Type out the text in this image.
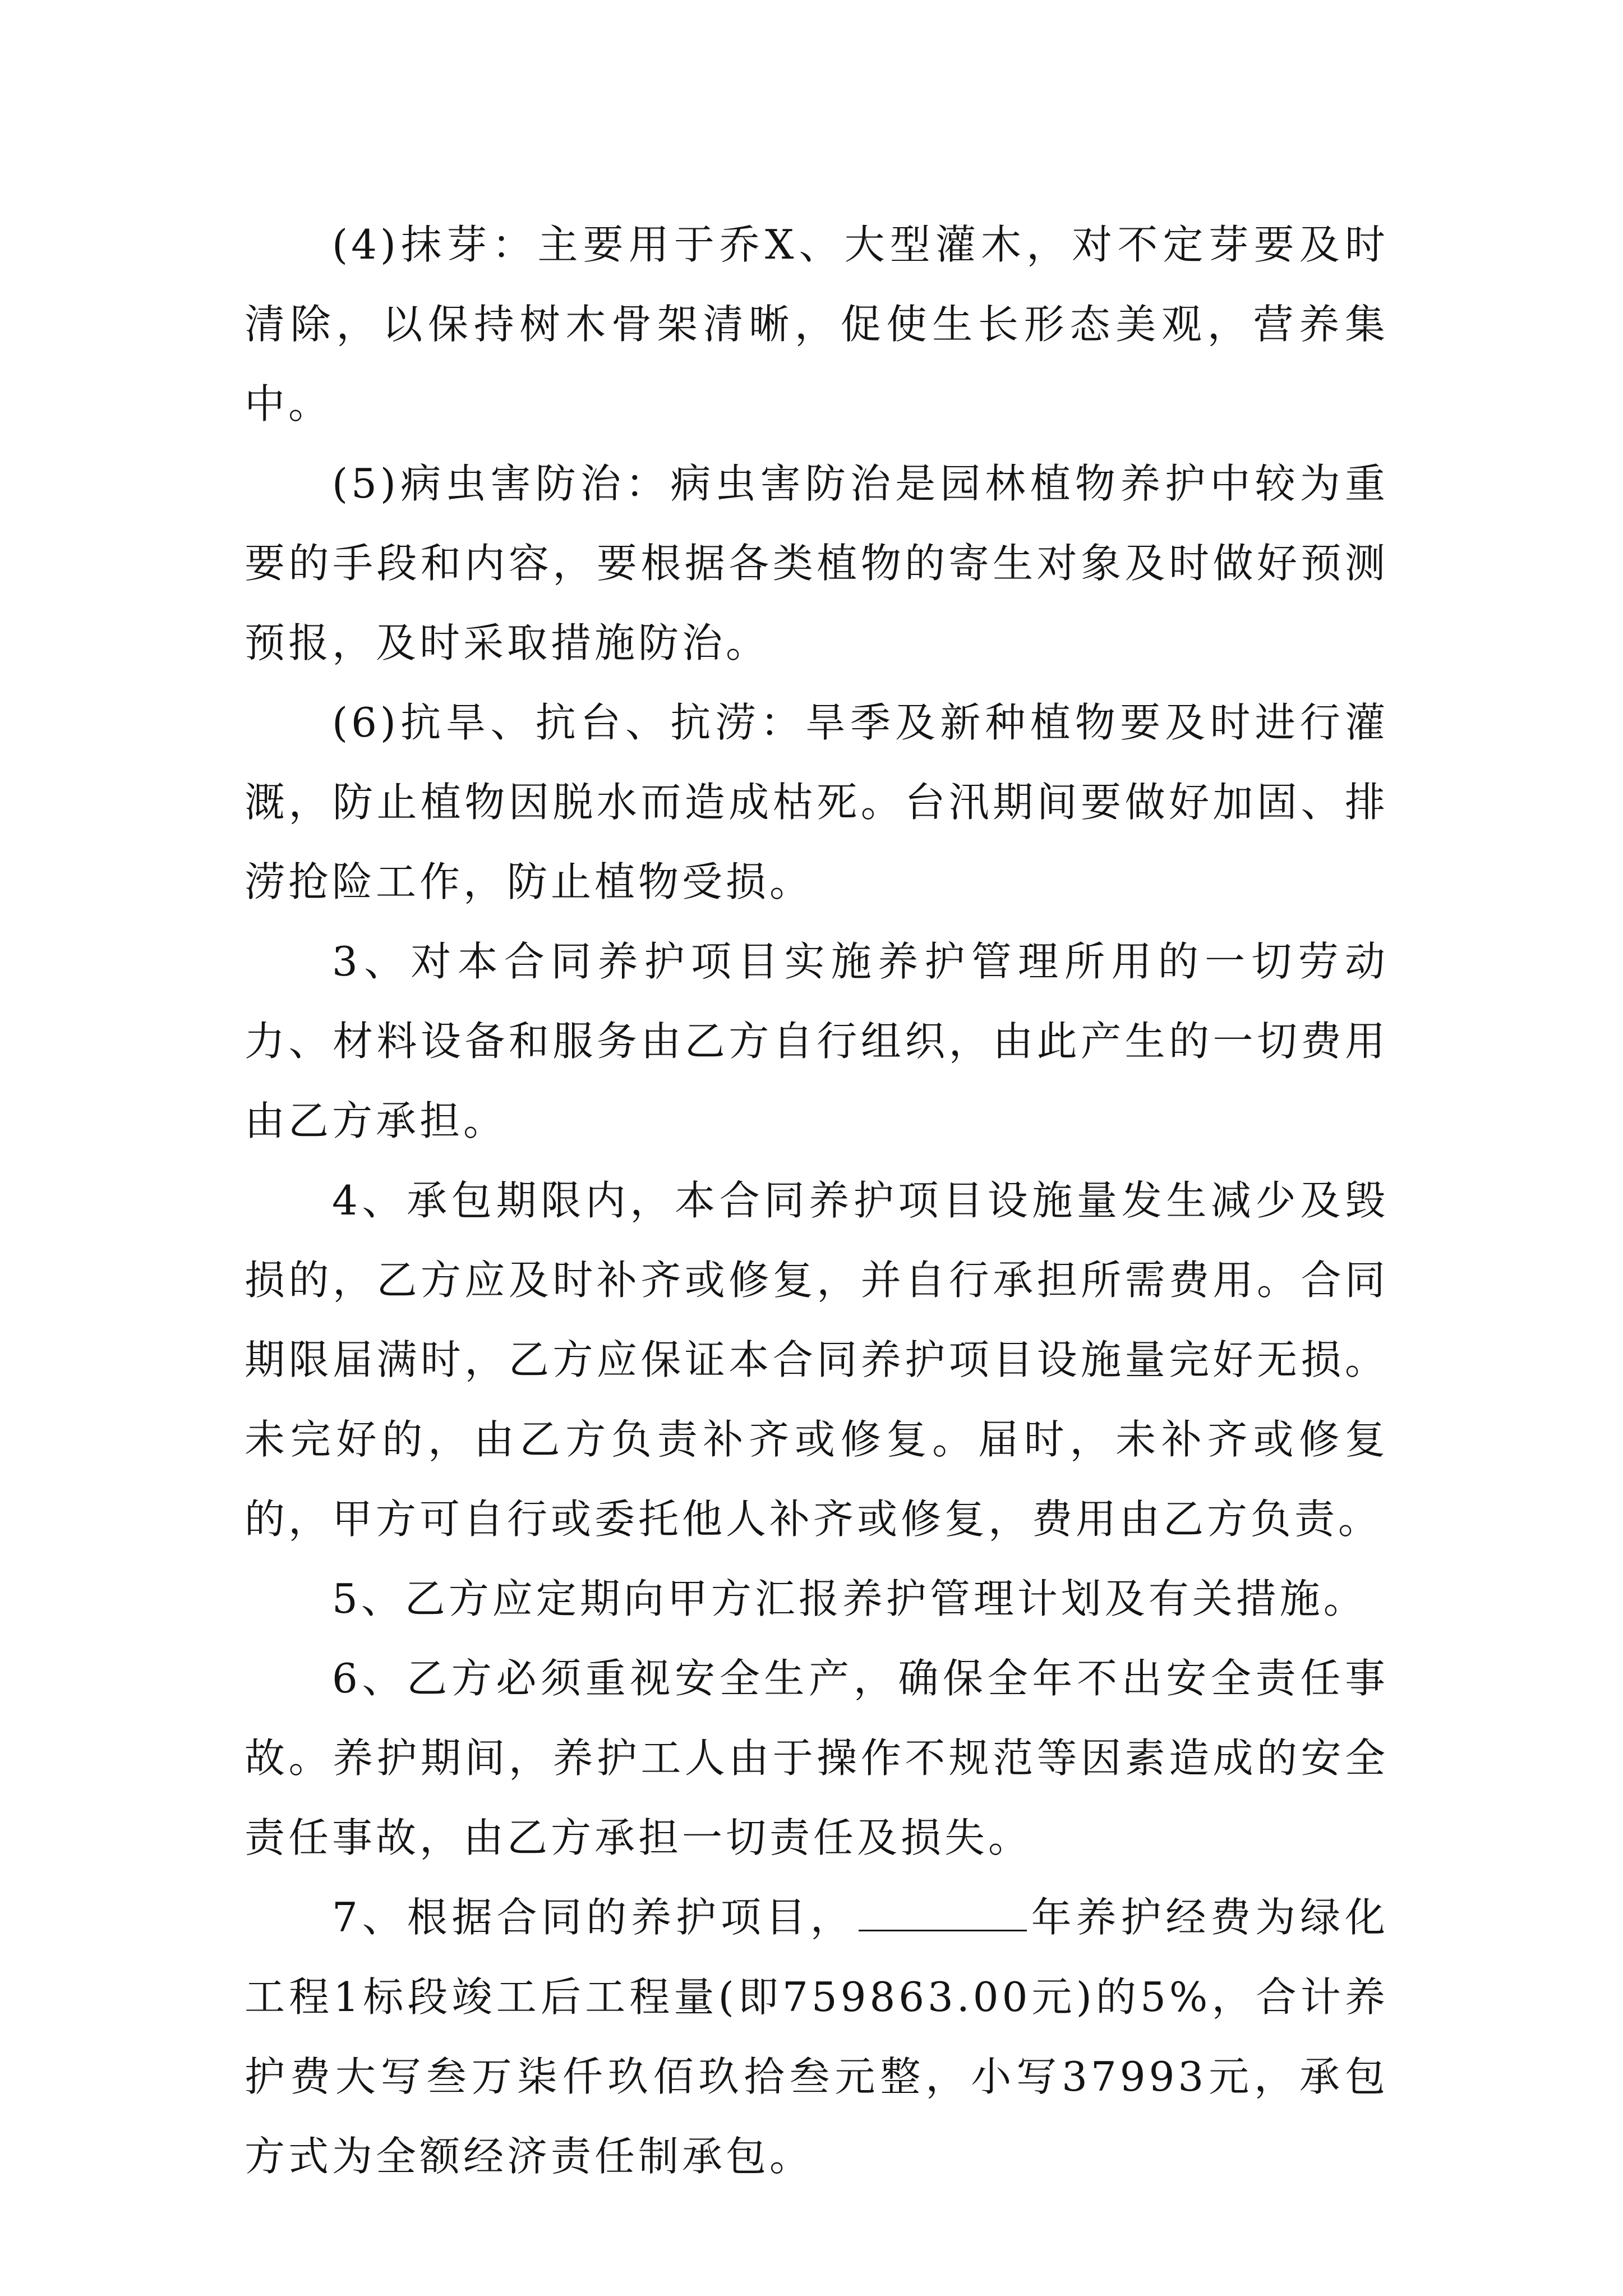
(4)抹芽：主要用于乔X、大型灌木，对不定芽要及时清除，以保持树木骨架清晰，促使生长形态美观，营养集中。

(5)病虫害防治：病虫害防治是园林植物养护中较为重要的手段和内容，要根据各类植物的寄生对象及时做好预测预报，及时采取措施防治。

(6)抗旱、抗台、抗涝：旱季及新种植物要及时进行灌溉，防止植物因脱水而造成枯死。台汛期间要做好加固、排涝抢险工作，防止植物受损。

3、对本合同养护项目实施养护管理所用的一切劳动力、材料设备和服务由乙方自行组织，由此产生的一切费用由乙方承担。

4、承包期限内，本合同养护项目设施量发生减少及毁损的，乙方应及时补齐或修复，并自行承担所需费用。合同期限届满时，乙方应保证本合同养护项目设施量完好无损。未完好的，由乙方负责补齐或修复。届时，未补齐或修复的，甲方可自行或委托他人补齐或修复，费用由乙方负责。

5、乙方应定期向甲方汇报养护管理计划及有关措施。

6、乙方必须重视安全生产，确保全年不出安全责任事故。养护期间，养护工人由于操作不规范等因素造成的安全责任事故，由乙方承担一切责任及损失。

7、根据合同的养护项目，	年养护经费为绿化工程1标段竣工后工程量(即759863.00元)的5%，合计养护费大写叁万柒仟玖佰玖拾叁元整，小写37993元，承包方式为全额经济责任制承包。
